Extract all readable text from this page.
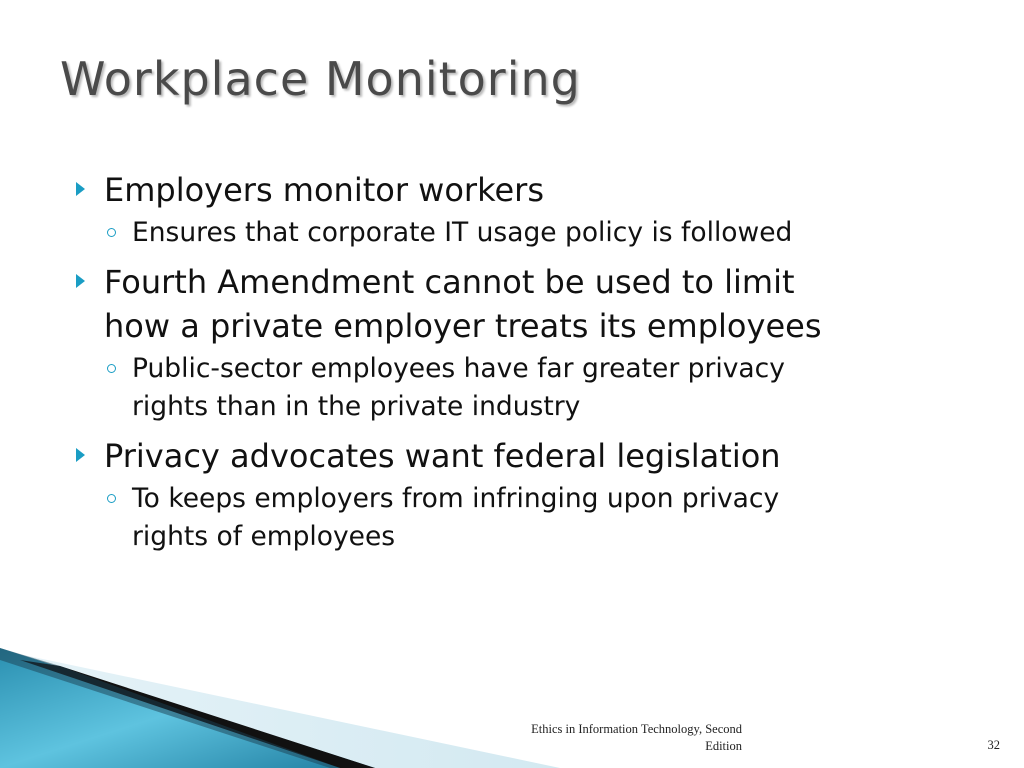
Workplace Monitoring
Employers monitor workers
Ensures that corporate IT usage policy is followed
Fourth Amendment cannot be used to limit
how a private employer treats its employees
Public-sector employees have far greater privacy
rights than in the private industry
Privacy advocates want federal legislation
To keeps employers from infringing upon privacy
rights of employees
Ethics in Information Technology, Second
Edition	32
